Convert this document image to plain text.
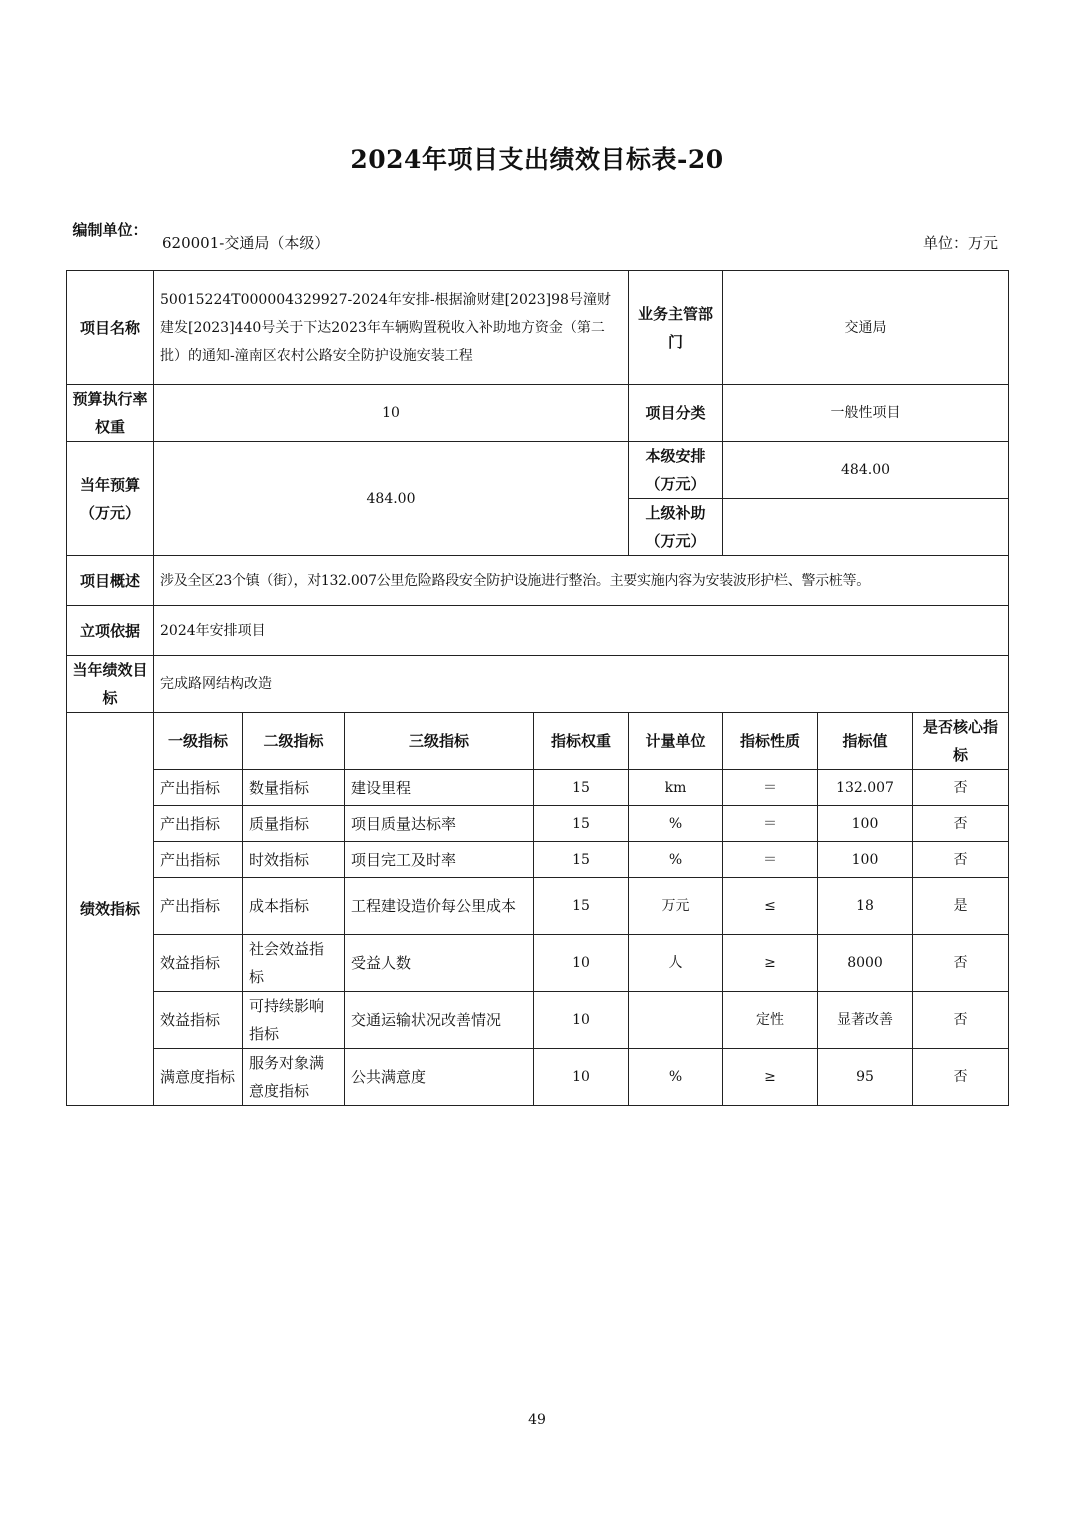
2024年项目支出绩效目标表-20
编制单位：
620001-交通局（本级）	单位：万元
项目名称	50015224T000004329927-2024年安排-根据渝财建[2023]98号潼财建发[2023]440号关于下达2023年车辆购置税收入补助地方资金（第二批）的通知-潼南区农村公路安全防护设施安装工程				业务主管部门	交通局		
预算执行率权重	10				项目分类	一般性项目		
当年预算（万元）	484.00				本级安排（万元）	484.00		
					上级补助（万元）			
项目概述	涉及全区23个镇（街），对132.007公里危险路段安全防护设施进行整治。主要实施内容为安装波形护栏、警示桩等。							
立项依据	2024年安排项目							
当年绩效目标	完成路网结构改造							
绩效指标	一级指标	二级指标	三级指标	指标权重	计量单位	指标性质	指标值	是否核心指标
	产出指标	数量指标	建设里程	15	km	＝	132.007	否
	产出指标	质量指标	项目质量达标率	15	%	＝	100	否
	产出指标	时效指标	项目完工及时率	15	%	＝	100	否
	产出指标	成本指标	工程建设造价每公里成本	15	万元	≤	18	是
	效益指标	社会效益指标	受益人数	10	人	≥	8000	否
	效益指标	可持续影响指标	交通运输状况改善情况	10		定性	显著改善	否
	满意度指标	服务对象满意度指标	公共满意度	10	%	≥	95	否
49
